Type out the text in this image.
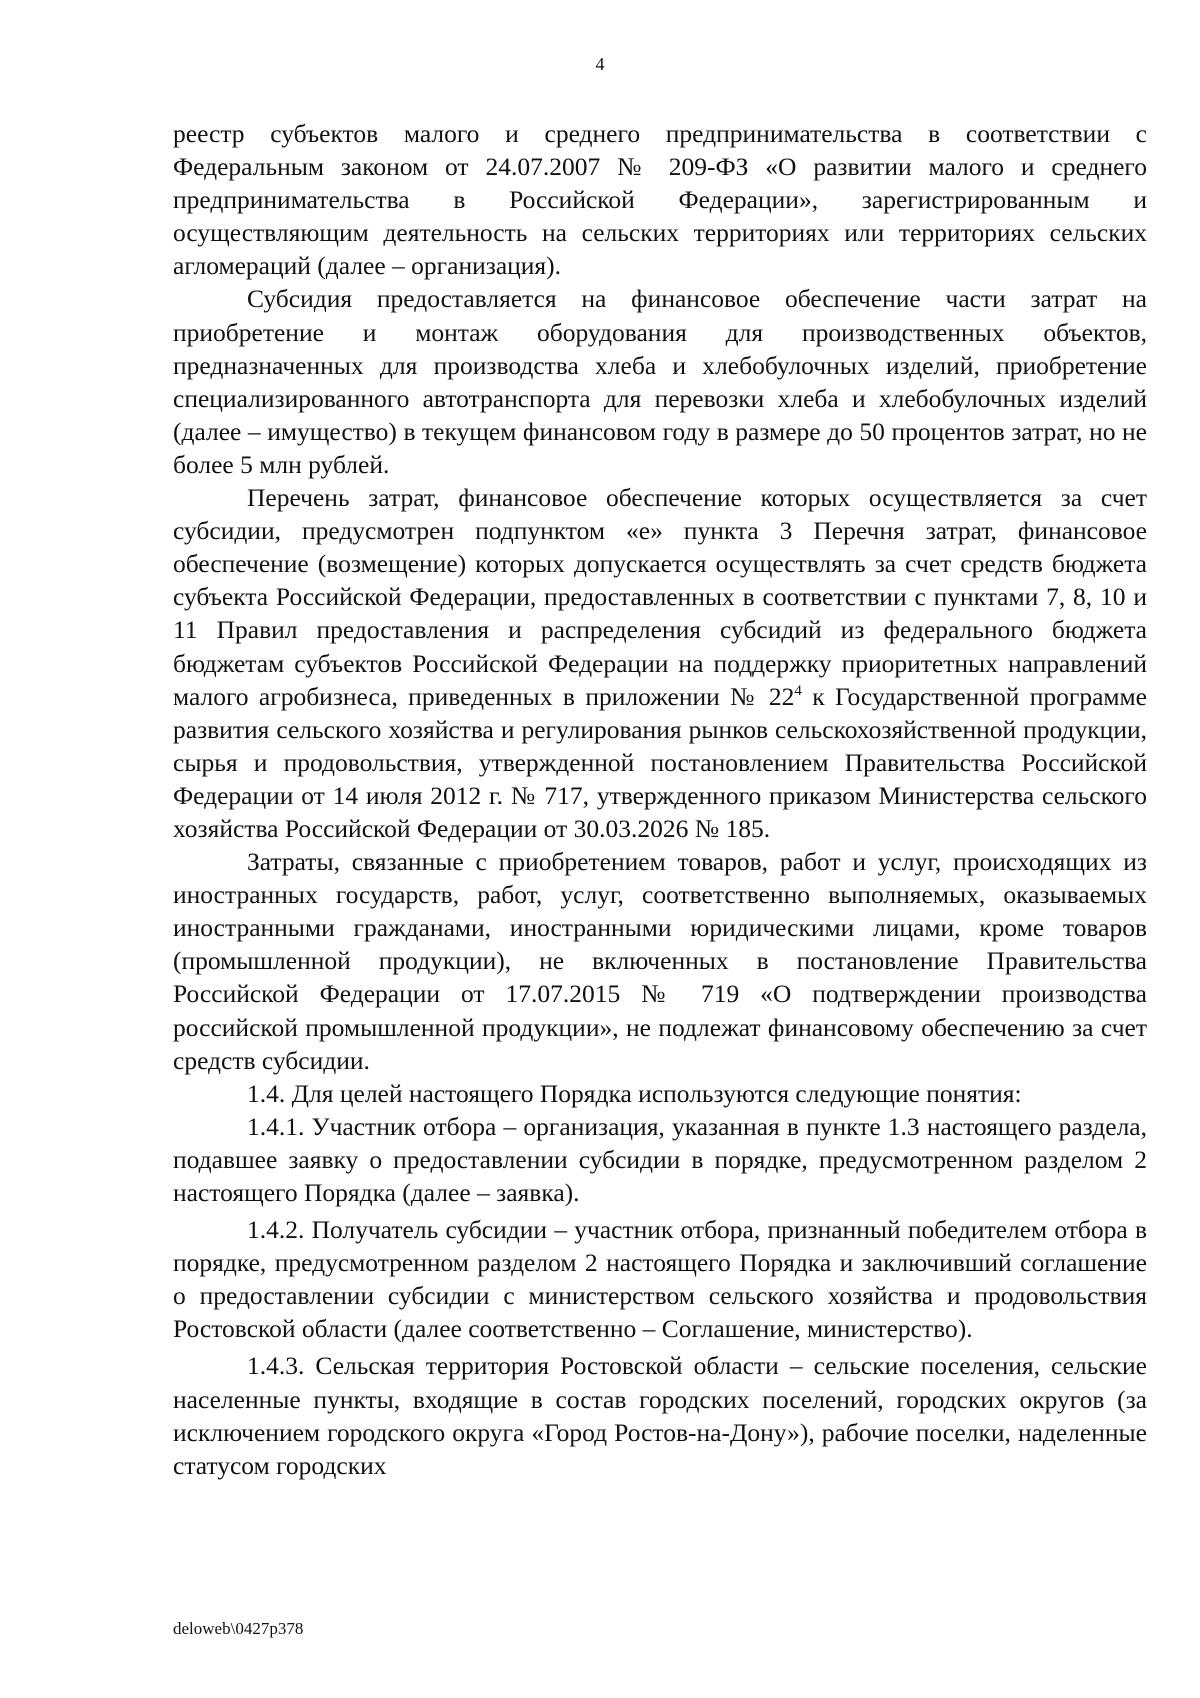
4

реестр субъектов малого и среднего предпринимательства в соответствии с Федеральным законом от 24.07.2007 № 209-ФЗ «О развитии малого и среднего предпринимательства в Российской Федерации», зарегистрированным и осуществляющим деятельность на сельских территориях или территориях сельских агломераций (далее – организация).

Субсидия предоставляется на финансовое обеспечение части затрат на приобретение и монтаж оборудования для производственных объектов, предназначенных для производства хлеба и хлебобулочных изделий, приобретение специализированного автотранспорта для перевозки хлеба и хлебобулочных изделий (далее – имущество) в текущем финансовом году в размере до 50 процентов затрат, но не более 5 млн рублей.

Перечень затрат, финансовое обеспечение которых осуществляется за счет субсидии, предусмотрен подпунктом «е» пункта 3 Перечня затрат, финансовое обеспечение (возмещение) которых допускается осуществлять за счет средств бюджета субъекта Российской Федерации, предоставленных в соответствии с пунктами 7, 8, 10 и 11 Правил предоставления и распределения субсидий из федерального бюджета бюджетам субъектов Российской Федерации на поддержку приоритетных направлений малого агробизнеса, приведенных в приложении № $22^4$ к Государственной программе развития сельского хозяйства и регулирования рынков сельскохозяйственной продукции, сырья и продовольствия, утвержденной постановлением Правительства Российской Федерации от 14 июля 2012 г. № 717, утвержденного приказом Министерства сельского хозяйства Российской Федерации от 30.03.2026 № 185.

Затраты, связанные с приобретением товаров, работ и услуг, происходящих из иностранных государств, работ, услуг, соответственно выполняемых, оказываемых иностранными гражданами, иностранными юридическими лицами, кроме товаров (промышленной продукции), не включенных в постановление Правительства Российской Федерации от 17.07.2015 № 719 «О подтверждении производства российской промышленной продукции», не подлежат финансовому обеспечению за счет средств субсидии.

1.4. Для целей настоящего Порядка используются следующие понятия:

1.4.1. Участник отбора – организация, указанная в пункте 1.3 настоящего раздела, подавшее заявку о предоставлении субсидии в порядке, предусмотренном разделом 2 настоящего Порядка (далее – заявка).

1.4.2. Получатель субсидии – участник отбора, признанный победителем отбора в порядке, предусмотренном разделом 2 настоящего Порядка и заключивший соглашение о предоставлении субсидии с министерством сельского хозяйства и продовольствия Ростовской области (далее соответственно – Соглашение, министерство).

1.4.3. Сельская территория Ростовской области – сельские поселения, сельские населенные пункты, входящие в состав городских поселений, городских округов (за исключением городского округа «Город Ростов-на-Дону»), рабочие поселки, наделенные статусом городских

deloweb\0427p378
